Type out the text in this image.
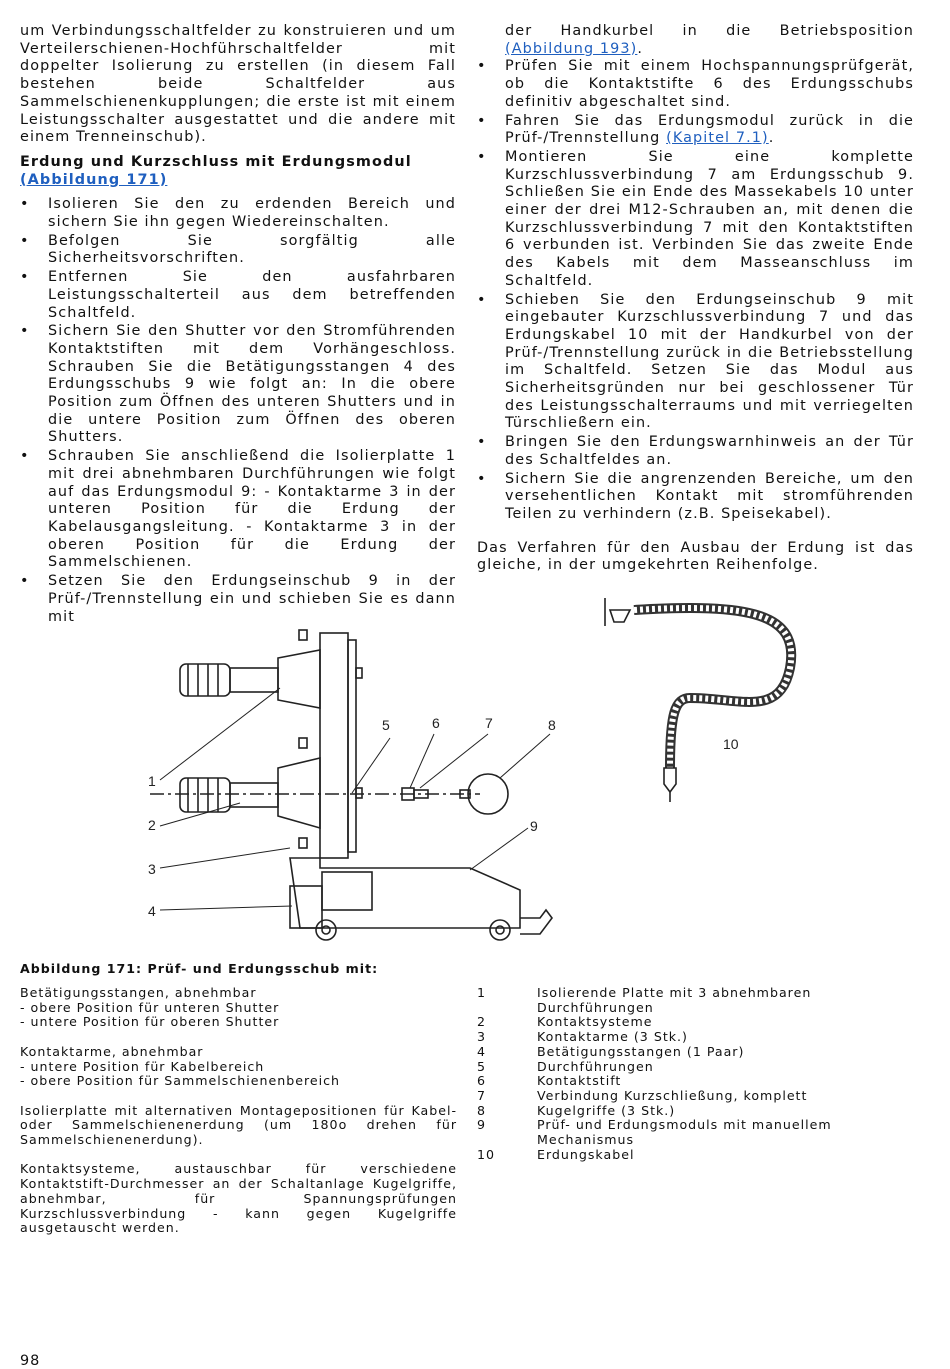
um Verbindungsschaltfelder zu konstruieren und um Verteilerschienen-Hochführschaltfelder mit doppelter Isolierung zu erstellen (in diesem Fall bestehen beide Schaltfelder aus Sammelschienenkupplungen; die erste ist mit einem Leistungsschalter ausgestattet und die andere mit einem Trenneinschub).

Erdung und Kurzschluss mit Erdungsmodul
(Abbildung 171)

• Isolieren Sie den zu erdenden Bereich und sichern Sie ihn gegen Wiedereinschalten.
• Befolgen Sie sorgfältig alle Sicherheitsvorschriften.
• Entfernen Sie den ausfahrbaren Leistungsschalterteil aus dem betreffenden Schaltfeld.
• Sichern Sie den Shutter vor den Stromführenden Kontaktstiften mit dem Vorhängeschloss. Schrauben Sie die Betätigungsstangen 4 des Erdungsschubs 9 wie folgt an: In die obere Position zum Öffnen des unteren Shutters und in die untere Position zum Öffnen des oberen Shutters.
• Schrauben Sie anschließend die Isolierplatte 1 mit drei abnehmbaren Durchführungen wie folgt auf das Erdungsmodul 9: - Kontaktarme 3 in der unteren Position für die Erdung der Kabelausgangsleitung. - Kontaktarme 3 in der oberen Position für die Erdung der Sammelschienen.
• Setzen Sie den Erdungseinschub 9 in der Prüf-/Trennstellung ein und schieben Sie es dann mit

der Handkurbel in die Betriebsposition (Abbildung 193).

• Prüfen Sie mit einem Hochspannungsprüfgerät, ob die Kontaktstifte 6 des Erdungsschubs definitiv abgeschaltet sind.
• Fahren Sie das Erdungsmodul zurück in die Prüf-/Trennstellung (Kapitel 7.1).
• Montieren Sie eine komplette Kurzschlussverbindung 7 am Erdungsschub 9. Schließen Sie ein Ende des Massekabels 10 unter einer der drei M12-Schrauben an, mit denen die Kurzschlussverbindung 7 mit den Kontaktstiften 6 verbunden ist. Verbinden Sie das zweite Ende des Kabels mit dem Masseanschluss im Schaltfeld.
• Schieben Sie den Erdungseinschub 9 mit eingebauter Kurzschlussverbindung 7 und das Erdungskabel 10 mit der Handkurbel von der Prüf-/Trennstellung zurück in die Betriebsstellung im Schaltfeld. Setzen Sie das Modul aus Sicherheitsgründen nur bei geschlossener Tür des Leistungsschalterraums und mit verriegelten Türschließern ein.
• Bringen Sie den Erdungswarnhinweis an der Tür des Schaltfeldes an.
• Sichern Sie die angrenzenden Bereiche, um den versehentlichen Kontakt mit stromführenden Teilen zu verhindern (z.B. Speisekabel).

Das Verfahren für den Ausbau der Erdung ist das gleiche, in der umgekehrten Reihenfolge.

1
2
3
4
5	6	7	8
9
10
Abbildung 171: Prüf- und Erdungsschub mit:

Betätigungsstangen, abnehmbar
- obere Position für unteren Shutter
- untere Position für oberen Shutter

Kontaktarme, abnehmbar
- untere Position für Kabelbereich
- obere Position für Sammelschienenbereich

Isolierplatte mit alternativen Montagepositionen für Kabel- oder Sammelschienenerdung (um 180o drehen für Sammelschienenerdung).

Kontaktsysteme, austauschbar für verschiedene Kontaktstift-Durchmesser an der Schaltanlage Kugelgriffe, abnehmbar, für Spannungsprüfungen Kurzschlussverbindung - kann gegen Kugelgriffe ausgetauscht werden.

1	Isolierende Platte mit 3 abnehmbaren Durchführungen
2	Kontaktsysteme
3	Kontaktarme (3 Stk.)
4	Betätigungsstangen (1 Paar)
5	Durchführungen
6	Kontaktstift
7	Verbindung Kurzschließung, komplett
8	Kugelgriffe (3 Stk.)
9	Prüf- und Erdungsmoduls mit manuellem Mechanismus
10	Erdungskabel
98
